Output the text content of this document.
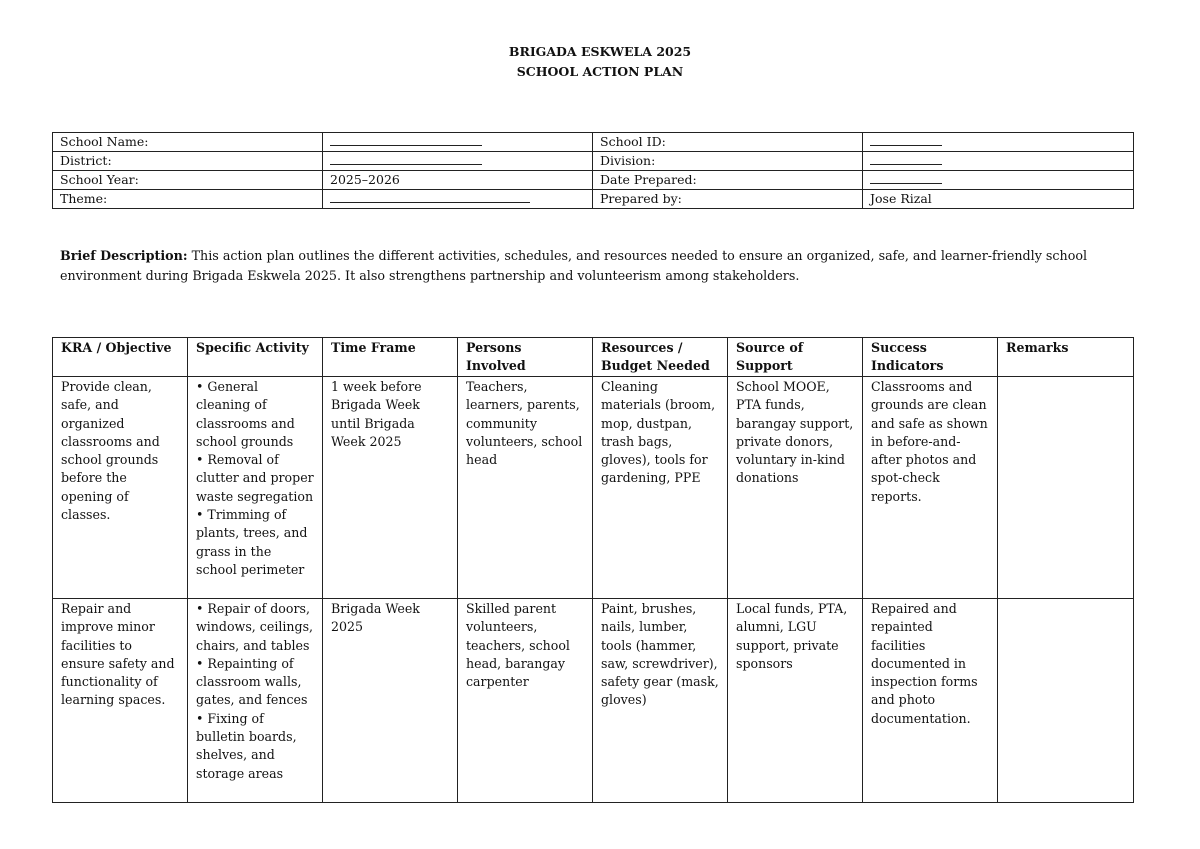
BRIGADA ESKWELA 2025
SCHOOL ACTION PLAN
School Name:		School ID:	
District:		Division:	
School Year:	2025–2026	Date Prepared:	
Theme:		Prepared by:	Jose Rizal
Brief Description: This action plan outlines the different activities, schedules, and resources needed to ensure an organized, safe, and learner-friendly school environment during Brigada Eskwela 2025. It also strengthens partnership and volunteerism among stakeholders.
KRA / Objective	Specific Activity	Time Frame	Persons Involved	Resources / Budget Needed	Source of Support	Success Indicators	Remarks
Provide clean, safe, and organized classrooms and school grounds before the opening of classes.	• General cleaning of classrooms and school grounds
• Removal of clutter and proper waste segregation
• Trimming of plants, trees, and grass in the school perimeter	1 week before Brigada Week until Brigada Week 2025	Teachers, learners, parents, community volunteers, school head	Cleaning materials (broom, mop, dustpan, trash bags, gloves), tools for gardening, PPE	School MOOE, PTA funds, barangay support, private donors, voluntary in-kind donations	Classrooms and grounds are clean and safe as shown in before-and-after photos and spot-check reports.	
Repair and improve minor facilities to ensure safety and functionality of learning spaces.	• Repair of doors, windows, ceilings, chairs, and tables
• Repainting of classroom walls, gates, and fences
• Fixing of bulletin boards, shelves, and storage areas	Brigada Week 2025	Skilled parent volunteers, teachers, school head, barangay carpenter	Paint, brushes, nails, lumber, tools (hammer, saw, screwdriver), safety gear (mask, gloves)	Local funds, PTA, alumni, LGU support, private sponsors	Repaired and repainted facilities documented in inspection forms and photo documentation.	
